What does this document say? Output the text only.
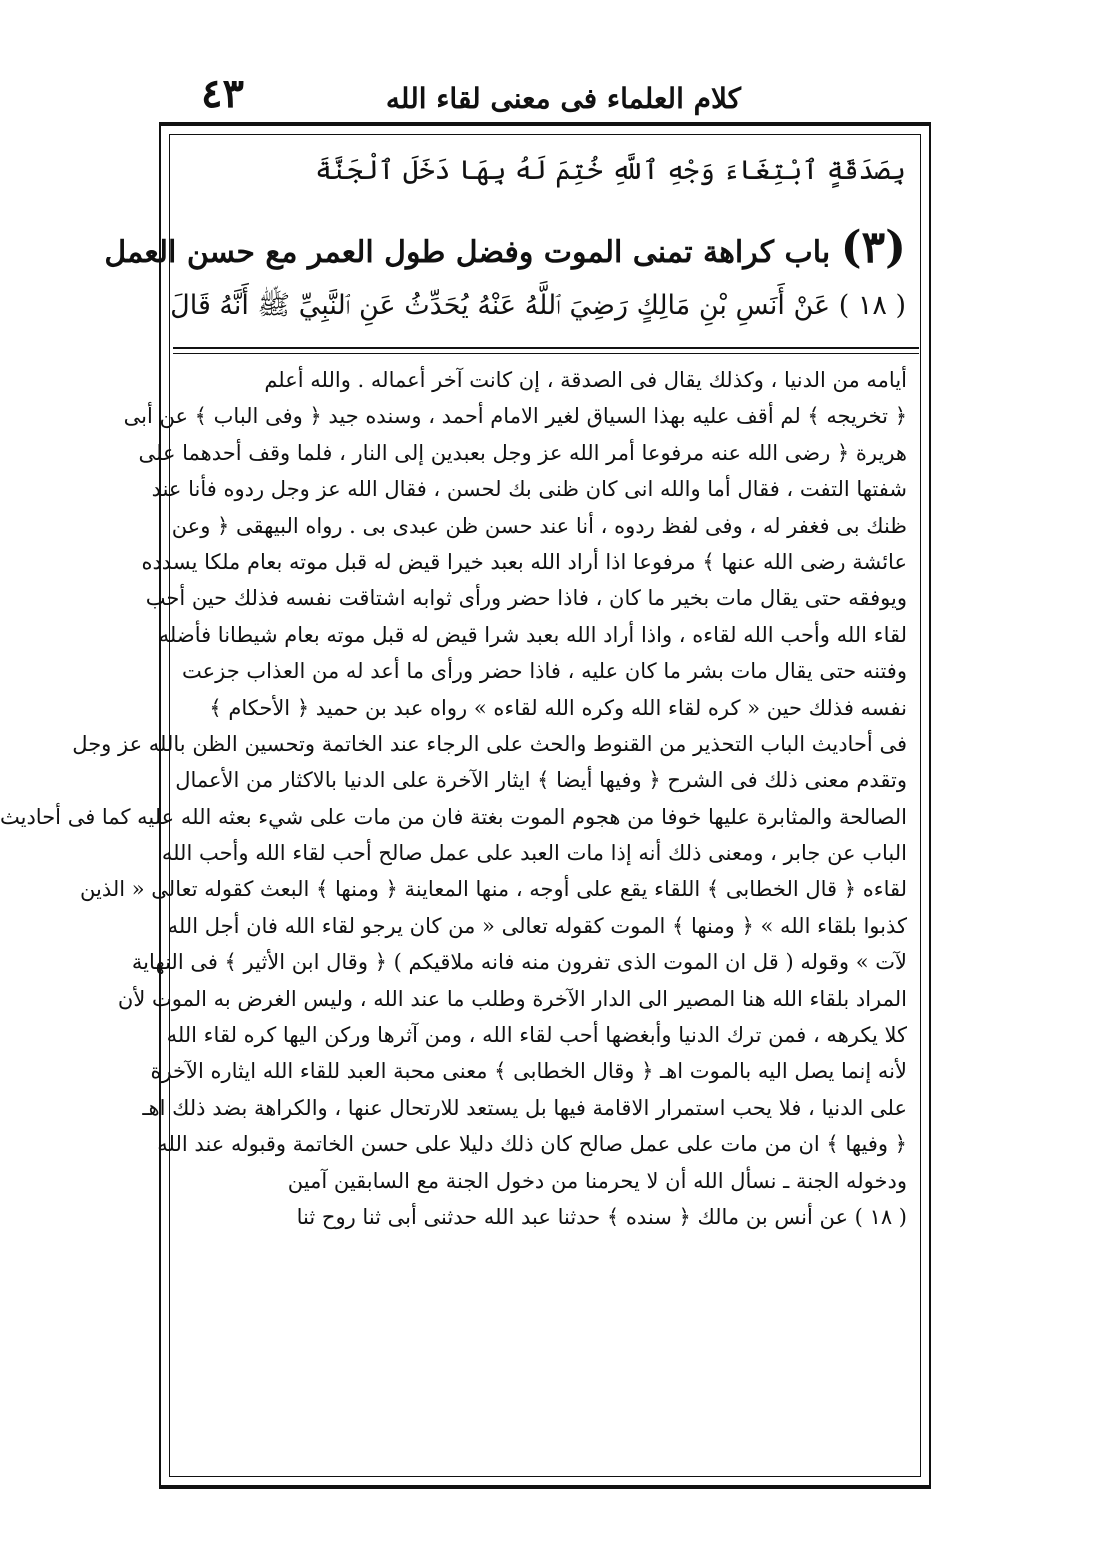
٤٣	كلام العلماء فى معنى لقاء الله
بِصَدَقَةٍ ٱبْتِغَاءَ وَجْهِ ٱللَّهِ خُتِمَ لَهُ بِهَا دَخَلَ ٱلْجَنَّةَ
(٣) باب كراهة تمنى الموت وفضل طول العمر مع حسن العمل
( ١٨ ) عَنْ أَنَسِ بْنِ مَالِكٍ رَضِيَ ٱللَّهُ عَنْهُ يُحَدِّثُ عَنِ ٱلنَّبِيِّ ﷺ أَنَّهُ قَالَ
أيامه من الدنيا ، وكذلك يقال فى الصدقة ، إن كانت آخر أعماله . والله أعلم
﴿ تخريجه ﴾ لم أقف عليه بهذا السياق لغير الامام أحمد ، وسنده جيد ﴿ وفى الباب ﴾ عن أبى
هريرة ﴿ رضى الله عنه مرفوعا أمر الله عز وجل بعبدين إلى النار ، فلما وقف أحدهما على
شفتها التفت ، فقال أما والله انى كان ظنى بك لحسن ، فقال الله عز وجل ردوه فأنا عند
ظنك بى فغفر له ، وفى لفظ ردوه ، أنا عند حسن ظن عبدى بى . رواه البيهقى ﴿ وعن
عائشة رضى الله عنها ﴾ مرفوعا اذا أراد الله بعبد خيرا قيض له قبل موته بعام ملكا يسدده
ويوفقه حتى يقال مات بخير ما كان ، فاذا حضر ورأى ثوابه اشتاقت نفسه فذلك حين أحب
لقاء الله وأحب الله لقاءه ، واذا أراد الله بعبد شرا قيض له قبل موته بعام شيطانا فأضله
وفتنه حتى يقال مات بشر ما كان عليه ، فاذا حضر ورأى ما أعد له من العذاب جزعت
نفسه فذلك حين « كره لقاء الله وكره الله لقاءه » رواه عبد بن حميد ﴿ الأحكام ﴾
فى أحاديث الباب التحذير من القنوط والحث على الرجاء عند الخاتمة وتحسين الظن بالله عز وجل
وتقدم معنى ذلك فى الشرح ﴿ وفيها أيضا ﴾ ايثار الآخرة على الدنيا بالاكثار من الأعمال
الصالحة والمثابرة عليها خوفا من هجوم الموت بغتة فان من مات على شيء بعثه الله عليه كما فى أحاديث
الباب عن جابر ، ومعنى ذلك أنه إذا مات العبد على عمل صالح أحب لقاء الله وأحب الله
لقاءه ﴿ قال الخطابى ﴾ اللقاء يقع على أوجه ، منها المعاينة ﴿ ومنها ﴾ البعث كقوله تعالى « الذين
كذبوا بلقاء الله » ﴿ ومنها ﴾ الموت كقوله تعالى « من كان يرجو لقاء الله فان أجل الله
لآت » وقوله ( قل ان الموت الذى تفرون منه فانه ملاقيكم ) ﴿ وقال ابن الأثير ﴾ فى النهاية
المراد بلقاء الله هنا المصير الى الدار الآخرة وطلب ما عند الله ، وليس الغرض به الموت لأن
كلا يكرهه ، فمن ترك الدنيا وأبغضها أحب لقاء الله ، ومن آثرها وركن اليها كره لقاء الله
لأنه إنما يصل اليه بالموت اهـ ﴿ وقال الخطابى ﴾ معنى محبة العبد للقاء الله ايثاره الآخرة
على الدنيا ، فلا يحب استمرار الاقامة فيها بل يستعد للارتحال عنها ، والكراهة بضد ذلك اهـ
﴿ وفيها ﴾ ان من مات على عمل صالح كان ذلك دليلا على حسن الخاتمة وقبوله عند الله
ودخوله الجنة ـ نسأل الله أن لا يحرمنا من دخول الجنة مع السابقين آمين
( ١٨ ) عن أنس بن مالك ﴿ سنده ﴾ حدثنا عبد الله حدثنى أبى ثنا روح ثنا
